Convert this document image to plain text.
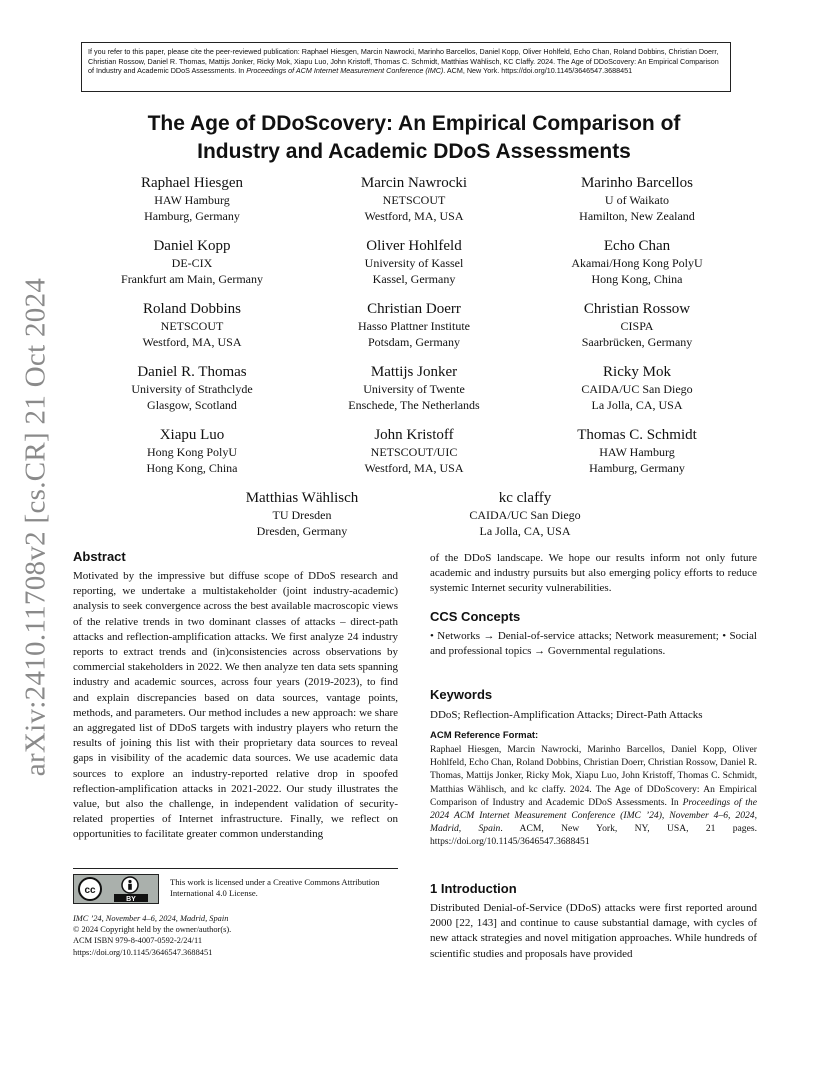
arXiv:2410.11708v2 [cs.CR] 21 Oct 2024
If you refer to this paper, please cite the peer-reviewed publication: Raphael Hiesgen, Marcin Nawrocki, Marinho Barcellos, Daniel Kopp, Oliver Hohlfeld, Echo Chan, Roland Dobbins, Christian Doerr, Christian Rossow, Daniel R. Thomas, Mattijs Jonker, Ricky Mok, Xiapu Luo, John Kristoff, Thomas C. Schmidt, Matthias Wählisch, KC Claffy. 2024. The Age of DDoScovery: An Empirical Comparison of Industry and Academic DDoS Assessments. In Proceedings of ACM Internet Measurement Conference (IMC). ACM, New York. https://doi.org/10.1145/3646547.3688451
The Age of DDoScovery: An Empirical Comparison of
Industry and Academic DDoS Assessments
Raphael Hiesgen
HAW Hamburg
Hamburg, Germany
Marcin Nawrocki
NETSCOUT
Westford, MA, USA
Marinho Barcellos
U of Waikato
Hamilton, New Zealand
Daniel Kopp
DE-CIX
Frankfurt am Main, Germany
Oliver Hohlfeld
University of Kassel
Kassel, Germany
Echo Chan
Akamai/Hong Kong PolyU
Hong Kong, China
Roland Dobbins
NETSCOUT
Westford, MA, USA
Christian Doerr
Hasso Plattner Institute
Potsdam, Germany
Christian Rossow
CISPA
Saarbrücken, Germany
Daniel R. Thomas
University of Strathclyde
Glasgow, Scotland
Mattijs Jonker
University of Twente
Enschede, The Netherlands
Ricky Mok
CAIDA/UC San Diego
La Jolla, CA, USA
Xiapu Luo
Hong Kong PolyU
Hong Kong, China
John Kristoff
NETSCOUT/UIC
Westford, MA, USA
Thomas C. Schmidt
HAW Hamburg
Hamburg, Germany
Matthias Wählisch
TU Dresden
Dresden, Germany
kc claffy
CAIDA/UC San Diego
La Jolla, CA, USA
Abstract
Motivated by the impressive but diffuse scope of DDoS research and reporting, we undertake a multistakeholder (joint industry-academic) analysis to seek convergence across the best available macroscopic views of the relative trends in two dominant classes of attacks – direct-path attacks and reflection-amplification attacks. We first analyze 24 industry reports to extract trends and (in)consistencies across observations by commercial stakeholders in 2022. We then analyze ten data sets spanning industry and academic sources, across four years (2019-2023), to find and explain discrepancies based on data sources, vantage points, methods, and parameters. Our method includes a new approach: we share an aggregated list of DDoS targets with industry players who return the results of joining this list with their proprietary data sources to reveal gaps in visibility of the academic data sources. We use academic data sources to explore an industry-reported relative drop in spoofed reflection-amplification attacks in 2021-2022. Our study illustrates the value, but also the challenge, in independent validation of security-related properties of Internet infrastructure. Finally, we reflect on opportunities to facilitate greater common understanding
cc
BY
This work is licensed under a Creative Commons Attribution International 4.0 License.
IMC ’24, November 4–6, 2024, Madrid, Spain
© 2024 Copyright held by the owner/author(s).
ACM ISBN 979-8-4007-0592-2/24/11
https://doi.org/10.1145/3646547.3688451
of the DDoS landscape. We hope our results inform not only future academic and industry pursuits but also emerging policy efforts to reduce systemic Internet security vulnerabilities.
CCS Concepts
• Networks → Denial-of-service attacks; Network measurement; • Social and professional topics → Governmental regulations.
Keywords
DDoS; Reflection-Amplification Attacks; Direct-Path Attacks
ACM Reference Format:
Raphael Hiesgen, Marcin Nawrocki, Marinho Barcellos, Daniel Kopp, Oliver Hohlfeld, Echo Chan, Roland Dobbins, Christian Doerr, Christian Rossow, Daniel R. Thomas, Mattijs Jonker, Ricky Mok, Xiapu Luo, John Kristoff, Thomas C. Schmidt, Matthias Wählisch, and kc claffy. 2024. The Age of DDoScovery: An Empirical Comparison of Industry and Academic DDoS Assessments. In Proceedings of the 2024 ACM Internet Measurement Conference (IMC ’24), November 4–6, 2024, Madrid, Spain. ACM, New York, NY, USA, 21 pages. https://doi.org/10.1145/3646547.3688451
1 Introduction
Distributed Denial-of-Service (DDoS) attacks were first reported around 2000 [22, 143] and continue to cause substantial damage, with cycles of new attack strategies and novel mitigation approaches. While hundreds of scientific studies and proposals have provided
